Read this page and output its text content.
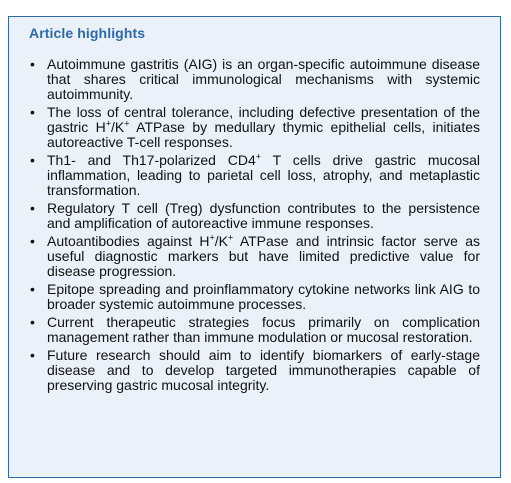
Article highlights
• Autoimmune gastritis (AIG) is an organ-specific autoimmune disease that shares critical immunological mechanisms with systemic autoimmunity.
• The loss of central tolerance, including defective presentation of the gastric H+/K+ ATPase by medullary thymic epithelial cells, initiates autoreactive T-cell responses.
• Th1- and Th17-polarized CD4+ T cells drive gastric mucosal inflammation, leading to parietal cell loss, atrophy, and metaplastic transformation.
• Regulatory T cell (Treg) dysfunction contributes to the persistence and amplification of autoreactive immune responses.
• Autoantibodies against H+/K+ ATPase and intrinsic factor serve as useful diagnostic markers but have limited predictive value for disease progression.
• Epitope spreading and proinflammatory cytokine networks link AIG to broader systemic autoimmune processes.
• Current therapeutic strategies focus primarily on complication management rather than immune modulation or mucosal restoration.
• Future research should aim to identify biomarkers of early-stage disease and to develop targeted immunotherapies capable of preserving gastric mucosal integrity.
